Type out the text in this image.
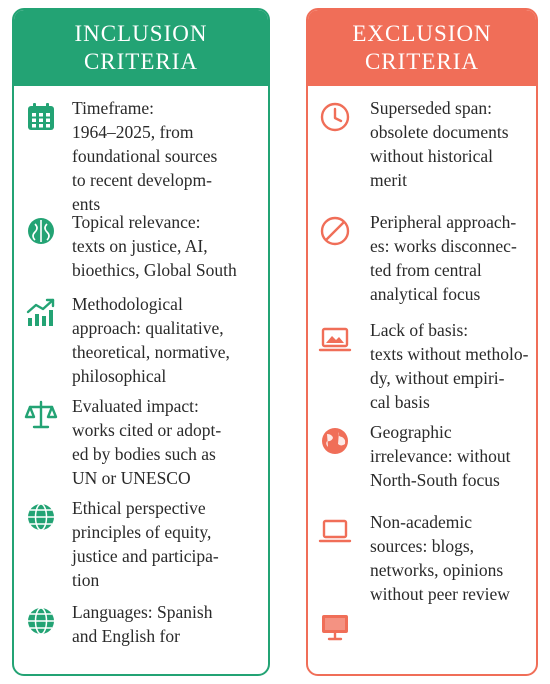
INCLUSION
CRITERIA
Timeframe:
1964–2025, from
foundational sources
to recent developm-
ents
Topical relevance:
texts on justice, AI,
bioethics, Global South
Methodological
approach: qualitative,
theoretical, normative,
philosophical
Evaluated impact:
works cited or adopt-
ed by bodies such as
UN or UNESCO
Ethical perspective
principles of equity,
justice and participa-
tion
Languages: Spanish
and English for
EXCLUSION
CRITERIA
Superseded span:
obsolete documents
without historical
merit
Peripheral approach-
es: works disconnec-
ted from central
analytical focus
Lack of basis:
texts without metholo-
dy, without empiri-
cal basis
Geographic
irrelevance: without
North-South focus
Non-academic
sources: blogs,
networks, opinions
without peer review
